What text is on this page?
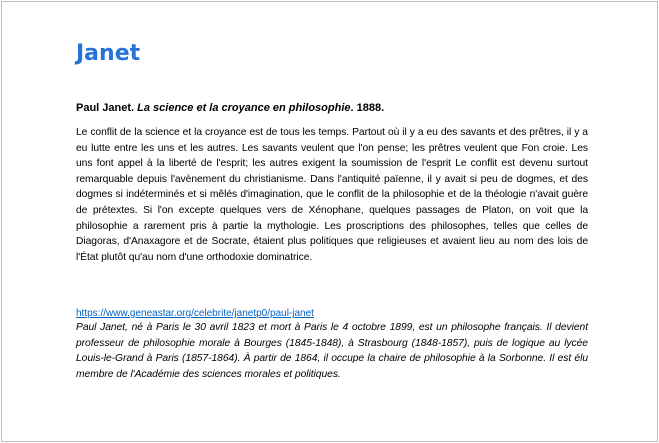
Janet

Paul Janet. La science et la croyance en philosophie. 1888.

Le conflit de la science et la croyance est de tous les temps. Partout où il y a eu des savants et des prêtres, il y a eu lutte entre les uns et les autres. Les savants veulent que l'on pense; les prêtres veulent que Fon croie. Les uns font appel à la liberté de l'esprit; les autres exigent la soumission de l'esprit Le conflit est devenu surtout remarquable depuis l'avènement du christianisme. Dans l'antiquité païenne, il y avait si peu de dogmes, et des dogmes si indéterminés et si mêlés d'imagination, que le conflit de la philosophie et de la théologie n'avait guère de prétextes. Si l'on excepte quelques vers de Xénophane, quelques passages de Platon, on voit que la philosophie a rarement pris à partie la mythologie. Les proscriptions des philosophes, telles que celles de Diagoras, d'Anaxagore et de Socrate, étaient plus politiques que religieuses et avaient lieu au nom des lois de l'État plutôt qu'au nom d'une orthodoxie dominatrice.

https://www.geneastar.org/celebrite/janetp0/paul-janet

Paul Janet, né à Paris le 30 avril 1823 et mort à Paris le 4 octobre 1899, est un philosophe français. Il devient professeur de philosophie morale à Bourges (1845-1848), à Strasbourg (1848-1857), puis de logique au lycée Louis-le-Grand à Paris (1857-1864). À partir de 1864, il occupe la chaire de philosophie à la Sorbonne. Il est élu membre de l'Académie des sciences morales et politiques.
